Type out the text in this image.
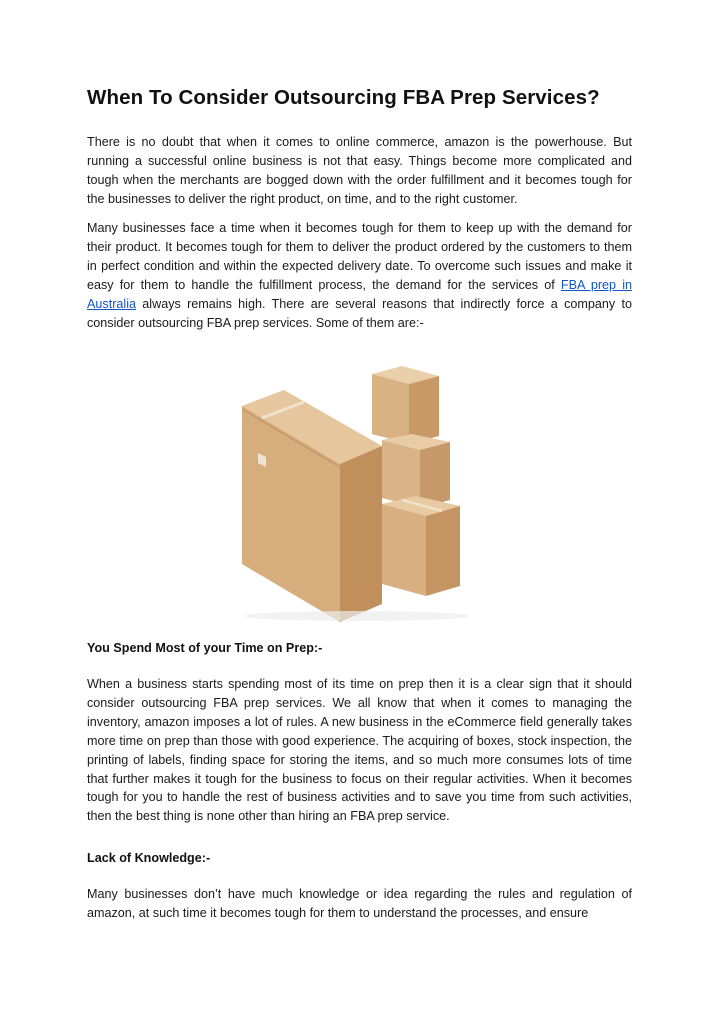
When To Consider Outsourcing FBA Prep Services?

There is no doubt that when it comes to online commerce, amazon is the powerhouse. But running a successful online business is not that easy. Things become more complicated and tough when the merchants are bogged down with the order fulfillment and it becomes tough for the businesses to deliver the right product, on time, and to the right customer.

Many businesses face a time when it becomes tough for them to keep up with the demand for their product. It becomes tough for them to deliver the product ordered by the customers to them in perfect condition and within the expected delivery date. To overcome such issues and make it easy for them to handle the fulfillment process, the demand for the services of FBA prep in Australia always remains high. There are several reasons that indirectly force a company to consider outsourcing FBA prep services. Some of them are:-

You Spend Most of your Time on Prep:-

When a business starts spending most of its time on prep then it is a clear sign that it should consider outsourcing FBA prep services. We all know that when it comes to managing the inventory, amazon imposes a lot of rules. A new business in the eCommerce field generally takes more time on prep than those with good experience. The acquiring of boxes, stock inspection, the printing of labels, finding space for storing the items, and so much more consumes lots of time that further makes it tough for the business to focus on their regular activities. When it becomes tough for you to handle the rest of business activities and to save you time from such activities, then the best thing is none other than hiring an FBA prep service.

Lack of Knowledge:-

Many businesses don’t have much knowledge or idea regarding the rules and regulation of amazon, at such time it becomes tough for them to understand the processes, and ensure
